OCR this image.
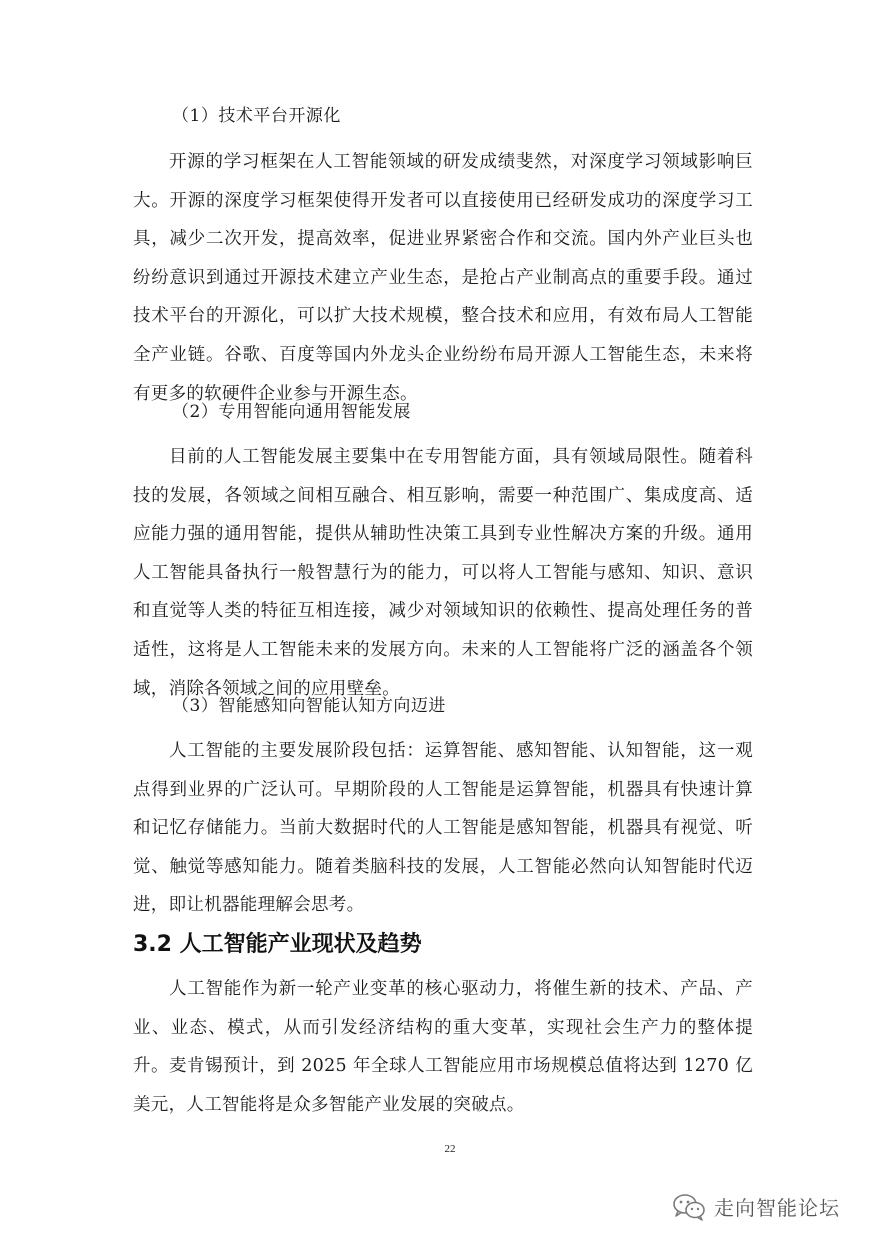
（1）技术平台开源化
开源的学习框架在人工智能领域的研发成绩斐然，对深度学习领域影响巨大。开源的深度学习框架使得开发者可以直接使用已经研发成功的深度学习工具，减少二次开发，提高效率，促进业界紧密合作和交流。国内外产业巨头也纷纷意识到通过开源技术建立产业生态，是抢占产业制高点的重要手段。通过技术平台的开源化，可以扩大技术规模，整合技术和应用，有效布局人工智能全产业链。谷歌、百度等国内外龙头企业纷纷布局开源人工智能生态，未来将有更多的软硬件企业参与开源生态。
（2）专用智能向通用智能发展
目前的人工智能发展主要集中在专用智能方面，具有领域局限性。随着科技的发展，各领域之间相互融合、相互影响，需要一种范围广、集成度高、适应能力强的通用智能，提供从辅助性决策工具到专业性解决方案的升级。通用人工智能具备执行一般智慧行为的能力，可以将人工智能与感知、知识、意识和直觉等人类的特征互相连接，减少对领域知识的依赖性、提高处理任务的普适性，这将是人工智能未来的发展方向。未来的人工智能将广泛的涵盖各个领域，消除各领域之间的应用壁垒。
（3）智能感知向智能认知方向迈进
人工智能的主要发展阶段包括：运算智能、感知智能、认知智能，这一观点得到业界的广泛认可。早期阶段的人工智能是运算智能，机器具有快速计算和记忆存储能力。当前大数据时代的人工智能是感知智能，机器具有视觉、听觉、触觉等感知能力。随着类脑科技的发展，人工智能必然向认知智能时代迈进，即让机器能理解会思考。
3.2 人工智能产业现状及趋势
人工智能作为新一轮产业变革的核心驱动力，将催生新的技术、产品、产业、业态、模式，从而引发经济结构的重大变革，实现社会生产力的整体提升。麦肯锡预计，到 2025 年全球人工智能应用市场规模总值将达到 1270 亿美元，人工智能将是众多智能产业发展的突破点。
22
走向智能论坛
